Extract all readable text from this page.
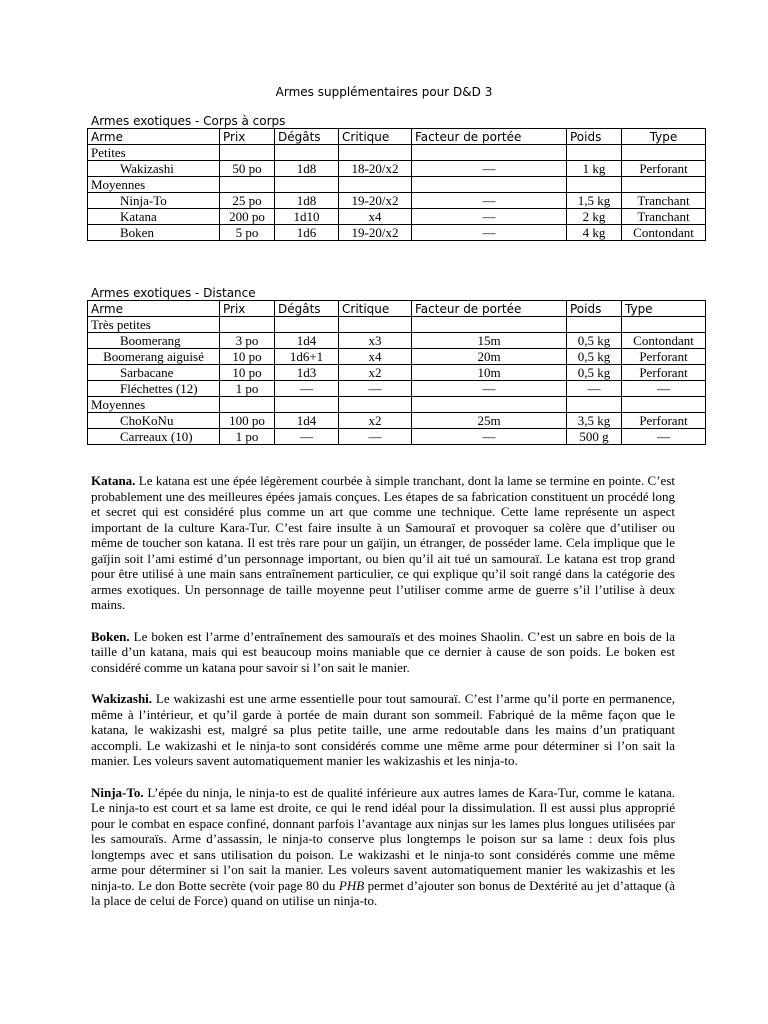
Armes supplémentaires pour D&D 3
Armes exotiques - Corps à corps
Arme	Prix	Dégâts	Critique	Facteur de portée	Poids	Type
Petites						
Wakizashi	50 po	1d8	18-20/x2	—	1 kg	Perforant
Moyennes						
Ninja-To	25 po	1d8	19-20/x2	—	1,5 kg	Tranchant
Katana	200 po	1d10	x4	—	2 kg	Tranchant
Boken	5 po	1d6	19-20/x2	—	4 kg	Contondant
Armes exotiques - Distance
Arme	Prix	Dégâts	Critique	Facteur de portée	Poids	Type
Très petites						
Boomerang	3 po	1d4	x3	15m	0,5 kg	Contondant
Boomerang aiguisé	10 po	1d6+1	x4	20m	0,5 kg	Perforant
Sarbacane	10 po	1d3	x2	10m	0,5 kg	Perforant
Fléchettes (12)	1 po	—	—	—	—	—
Moyennes						
ChoKoNu	100 po	1d4	x2	25m	3,5 kg	Perforant
Carreaux (10)	1 po	—	—	—	500 g	—

Katana. Le katana est une épée légèrement courbée à simple tranchant, dont la lame se termine en pointe. C’est probablement une des meilleures épées jamais conçues. Les étapes de sa fabrication constituent un procédé long et secret qui est considéré plus comme un art que comme une technique. Cette lame représente un aspect important de la culture Kara-Tur. C’est faire insulte à un Samouraï et provoquer sa colère que d’utiliser ou même de toucher son katana. Il est très rare pour un gaïjin, un étranger, de posséder lame. Cela implique que le gaïjin soit l’ami estimé d’un personnage important, ou bien qu’il ait tué un samouraï. Le katana est trop grand pour être utilisé à une main sans entraînement particulier, ce qui explique qu’il soit rangé dans la catégorie des armes exotiques. Un personnage de taille moyenne peut l’utiliser comme arme de guerre s’il l’utilise à deux mains.

Boken. Le boken est l’arme d’entraînement des samouraïs et des moines Shaolin. C’est un sabre en bois de la taille d’un katana, mais qui est beaucoup moins maniable que ce dernier à cause de son poids. Le boken est considéré comme un katana pour savoir si l’on sait le manier.

Wakizashi. Le wakizashi est une arme essentielle pour tout samouraï. C’est l’arme qu’il porte en permanence, même à l’intérieur, et qu’il garde à portée de main durant son sommeil. Fabriqué de la même façon que le katana, le wakizashi est, malgré sa plus petite taille, une arme redoutable dans les mains d’un pratiquant accompli. Le wakizashi et le ninja-to sont considérés comme une même arme pour déterminer si l’on sait la manier. Les voleurs savent automatiquement manier les wakizashis et les ninja-to.

Ninja-To. L’épée du ninja, le ninja-to est de qualité inférieure aux autres lames de Kara-Tur, comme le katana. Le ninja-to est court et sa lame est droite, ce qui le rend idéal pour la dissimulation. Il est aussi plus approprié pour le combat en espace confiné, donnant parfois l’avantage aux ninjas sur les lames plus longues utilisées par les samouraïs. Arme d’assassin, le ninja-to conserve plus longtemps le poison sur sa lame : deux fois plus longtemps avec et sans utilisation du poison. Le wakizashi et le ninja-to sont considérés comme une même arme pour déterminer si l’on sait la manier. Les voleurs savent automatiquement manier les wakizashis et les ninja-to. Le don Botte secrète (voir page 80 du PHB permet d’ajouter son bonus de Dextérité au jet d’attaque (à la place de celui de Force) quand on utilise un ninja-to.
